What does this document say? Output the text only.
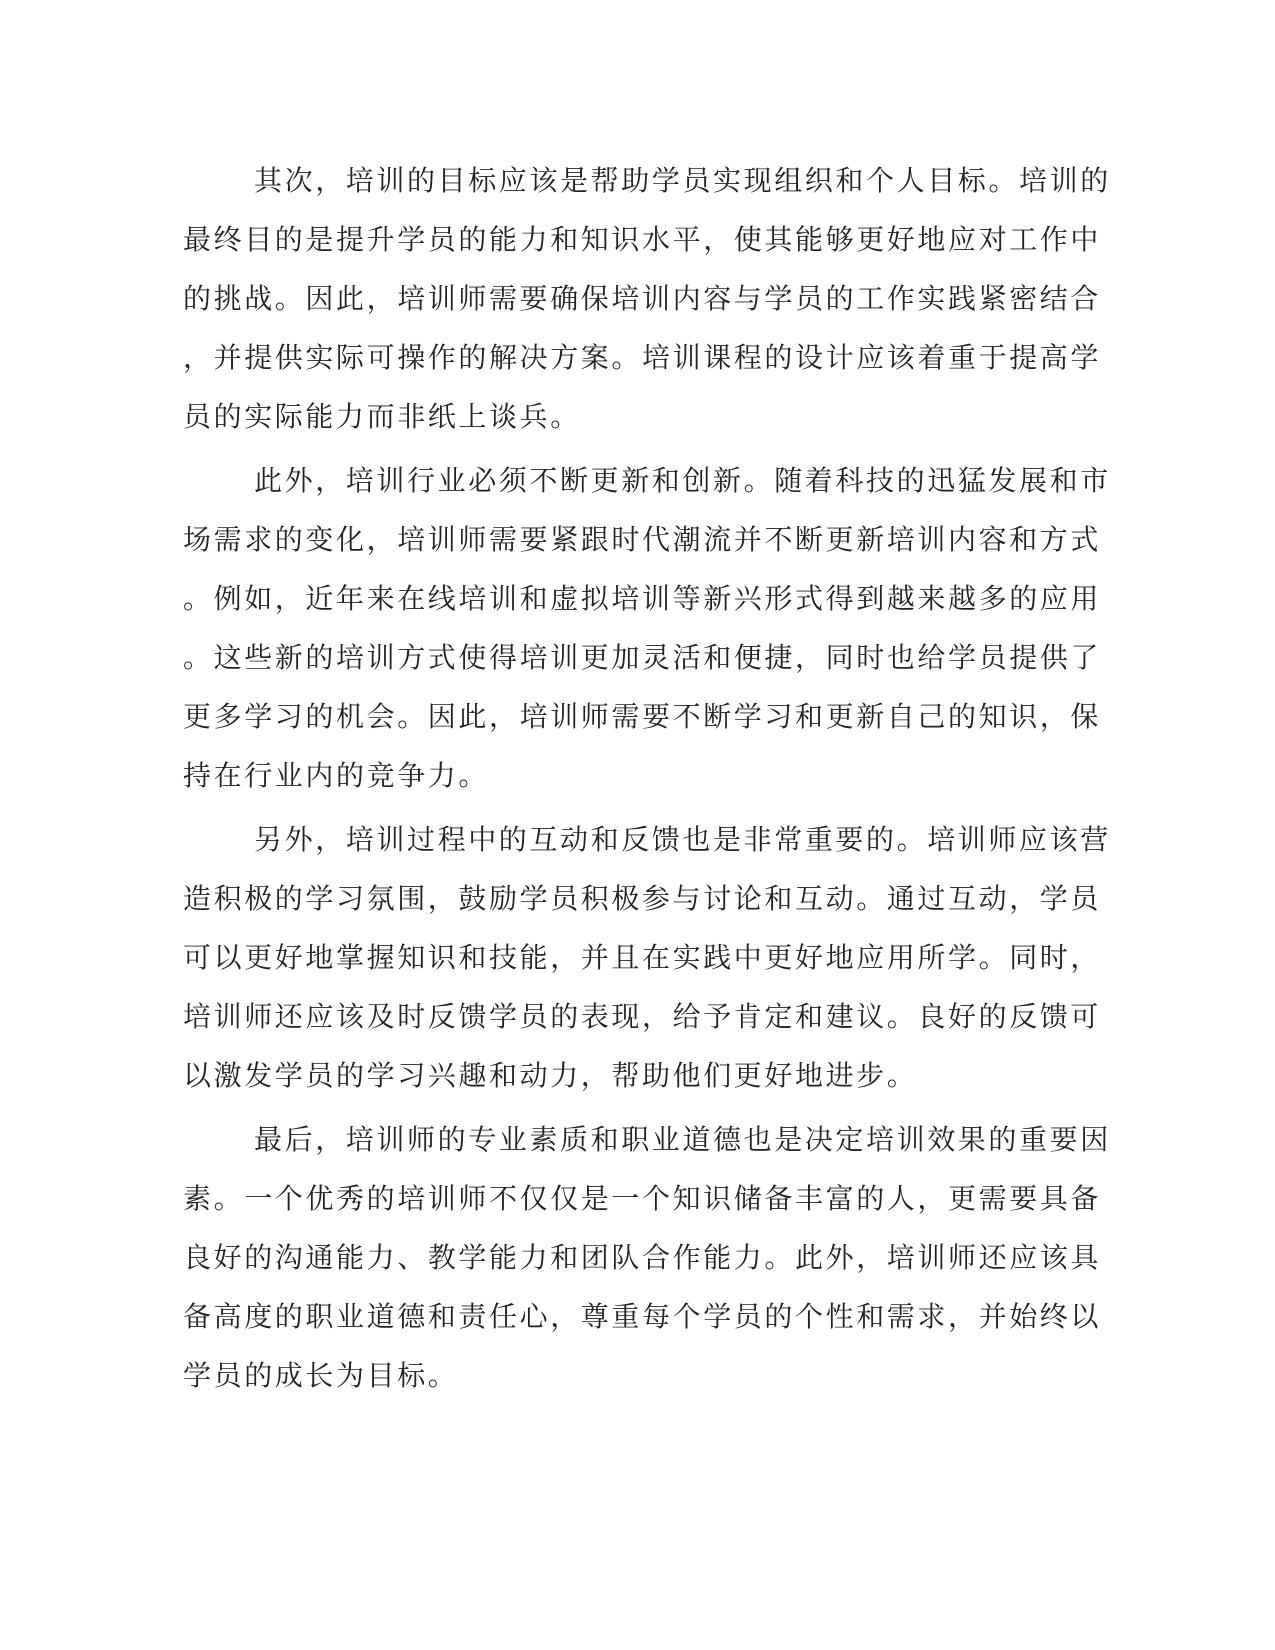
其次，培训的目标应该是帮助学员实现组织和个人目标。培训的
最终目的是提升学员的能力和知识水平，使其能够更好地应对工作中
的挑战。因此，培训师需要确保培训内容与学员的工作实践紧密结合
，并提供实际可操作的解决方案。培训课程的设计应该着重于提高学
员的实际能力而非纸上谈兵。
此外，培训行业必须不断更新和创新。随着科技的迅猛发展和市
场需求的变化，培训师需要紧跟时代潮流并不断更新培训内容和方式
。例如，近年来在线培训和虚拟培训等新兴形式得到越来越多的应用
。这些新的培训方式使得培训更加灵活和便捷，同时也给学员提供了
更多学习的机会。因此，培训师需要不断学习和更新自己的知识，保
持在行业内的竞争力。
另外，培训过程中的互动和反馈也是非常重要的。培训师应该营
造积极的学习氛围，鼓励学员积极参与讨论和互动。通过互动，学员
可以更好地掌握知识和技能，并且在实践中更好地应用所学。同时，
培训师还应该及时反馈学员的表现，给予肯定和建议。良好的反馈可
以激发学员的学习兴趣和动力，帮助他们更好地进步。
最后，培训师的专业素质和职业道德也是决定培训效果的重要因
素。一个优秀的培训师不仅仅是一个知识储备丰富的人，更需要具备
良好的沟通能力、教学能力和团队合作能力。此外，培训师还应该具
备高度的职业道德和责任心，尊重每个学员的个性和需求，并始终以
学员的成长为目标。
